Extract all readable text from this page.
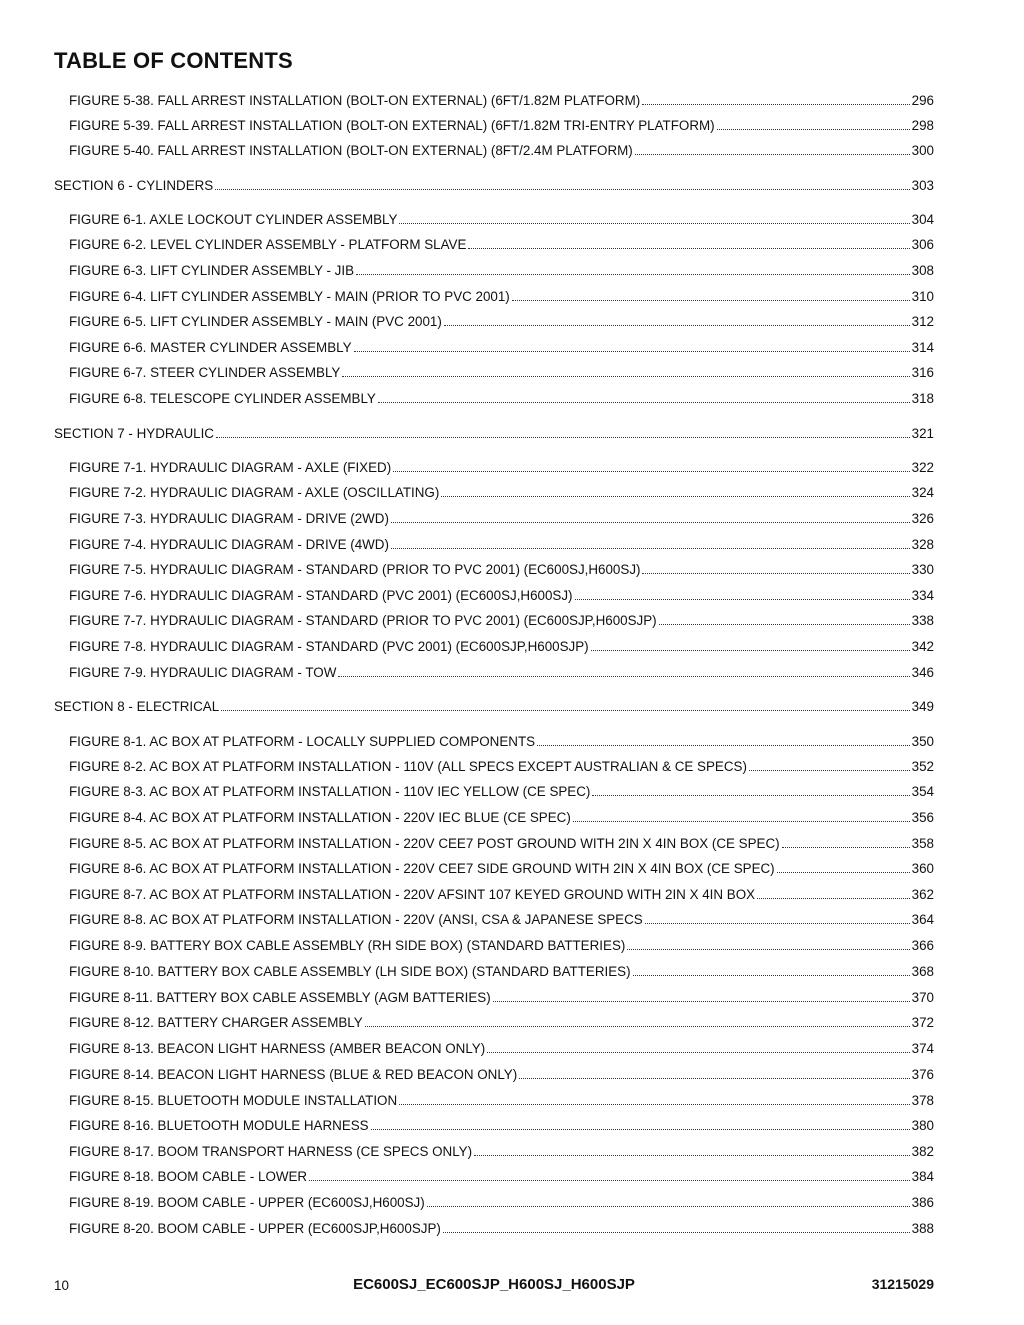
TABLE OF CONTENTS
FIGURE 5-38. FALL ARREST INSTALLATION (BOLT-ON EXTERNAL) (6FT/1.82M PLATFORM)	296
FIGURE 5-39. FALL ARREST INSTALLATION (BOLT-ON EXTERNAL) (6FT/1.82M TRI-ENTRY PLATFORM)	298
FIGURE 5-40. FALL ARREST INSTALLATION (BOLT-ON EXTERNAL) (8FT/2.4M PLATFORM)	300
SECTION 6 - CYLINDERS	303
FIGURE 6-1. AXLE LOCKOUT CYLINDER ASSEMBLY	304
FIGURE 6-2. LEVEL CYLINDER ASSEMBLY - PLATFORM SLAVE	306
FIGURE 6-3. LIFT CYLINDER ASSEMBLY - JIB	308
FIGURE 6-4. LIFT CYLINDER ASSEMBLY - MAIN (PRIOR TO PVC 2001)	310
FIGURE 6-5. LIFT CYLINDER ASSEMBLY - MAIN (PVC 2001)	312
FIGURE 6-6. MASTER CYLINDER ASSEMBLY	314
FIGURE 6-7. STEER CYLINDER ASSEMBLY	316
FIGURE 6-8. TELESCOPE CYLINDER ASSEMBLY	318
SECTION 7 - HYDRAULIC	321
FIGURE 7-1. HYDRAULIC DIAGRAM - AXLE (FIXED)	322
FIGURE 7-2. HYDRAULIC DIAGRAM - AXLE (OSCILLATING)	324
FIGURE 7-3. HYDRAULIC DIAGRAM - DRIVE (2WD)	326
FIGURE 7-4. HYDRAULIC DIAGRAM - DRIVE (4WD)	328
FIGURE 7-5. HYDRAULIC DIAGRAM - STANDARD (PRIOR TO PVC 2001) (EC600SJ,H600SJ)	330
FIGURE 7-6. HYDRAULIC DIAGRAM - STANDARD (PVC 2001) (EC600SJ,H600SJ)	334
FIGURE 7-7. HYDRAULIC DIAGRAM - STANDARD (PRIOR TO PVC 2001) (EC600SJP,H600SJP)	338
FIGURE 7-8. HYDRAULIC DIAGRAM - STANDARD (PVC 2001) (EC600SJP,H600SJP)	342
FIGURE 7-9. HYDRAULIC DIAGRAM - TOW	346
SECTION 8 - ELECTRICAL	349
FIGURE 8-1. AC BOX AT PLATFORM - LOCALLY SUPPLIED COMPONENTS	350
FIGURE 8-2. AC BOX AT PLATFORM INSTALLATION - 110V (ALL SPECS EXCEPT AUSTRALIAN & CE SPECS)	352
FIGURE 8-3. AC BOX AT PLATFORM INSTALLATION - 110V IEC YELLOW (CE SPEC)	354
FIGURE 8-4. AC BOX AT PLATFORM INSTALLATION - 220V IEC BLUE (CE SPEC)	356
FIGURE 8-5. AC BOX AT PLATFORM INSTALLATION - 220V CEE7 POST GROUND WITH 2IN X 4IN BOX (CE SPEC)	358
FIGURE 8-6. AC BOX AT PLATFORM INSTALLATION - 220V CEE7 SIDE GROUND WITH 2IN X 4IN BOX (CE SPEC)	360
FIGURE 8-7. AC BOX AT PLATFORM INSTALLATION - 220V AFSINT 107 KEYED GROUND WITH 2IN X 4IN BOX	362
FIGURE 8-8. AC BOX AT PLATFORM INSTALLATION - 220V (ANSI, CSA & JAPANESE SPECS	364
FIGURE 8-9. BATTERY BOX CABLE ASSEMBLY (RH SIDE BOX) (STANDARD BATTERIES)	366
FIGURE 8-10. BATTERY BOX CABLE ASSEMBLY (LH SIDE BOX) (STANDARD BATTERIES)	368
FIGURE 8-11. BATTERY BOX CABLE ASSEMBLY (AGM BATTERIES)	370
FIGURE 8-12. BATTERY CHARGER ASSEMBLY	372
FIGURE 8-13. BEACON LIGHT HARNESS (AMBER BEACON ONLY)	374
FIGURE 8-14. BEACON LIGHT HARNESS (BLUE & RED BEACON ONLY)	376
FIGURE 8-15. BLUETOOTH MODULE INSTALLATION	378
FIGURE 8-16. BLUETOOTH MODULE HARNESS	380
FIGURE 8-17. BOOM TRANSPORT HARNESS (CE SPECS ONLY)	382
FIGURE 8-18. BOOM CABLE - LOWER	384
FIGURE 8-19. BOOM CABLE - UPPER (EC600SJ,H600SJ)	386
FIGURE 8-20. BOOM CABLE - UPPER (EC600SJP,H600SJP)	388
10	EC600SJ_EC600SJP_H600SJ_H600SJP	31215029
